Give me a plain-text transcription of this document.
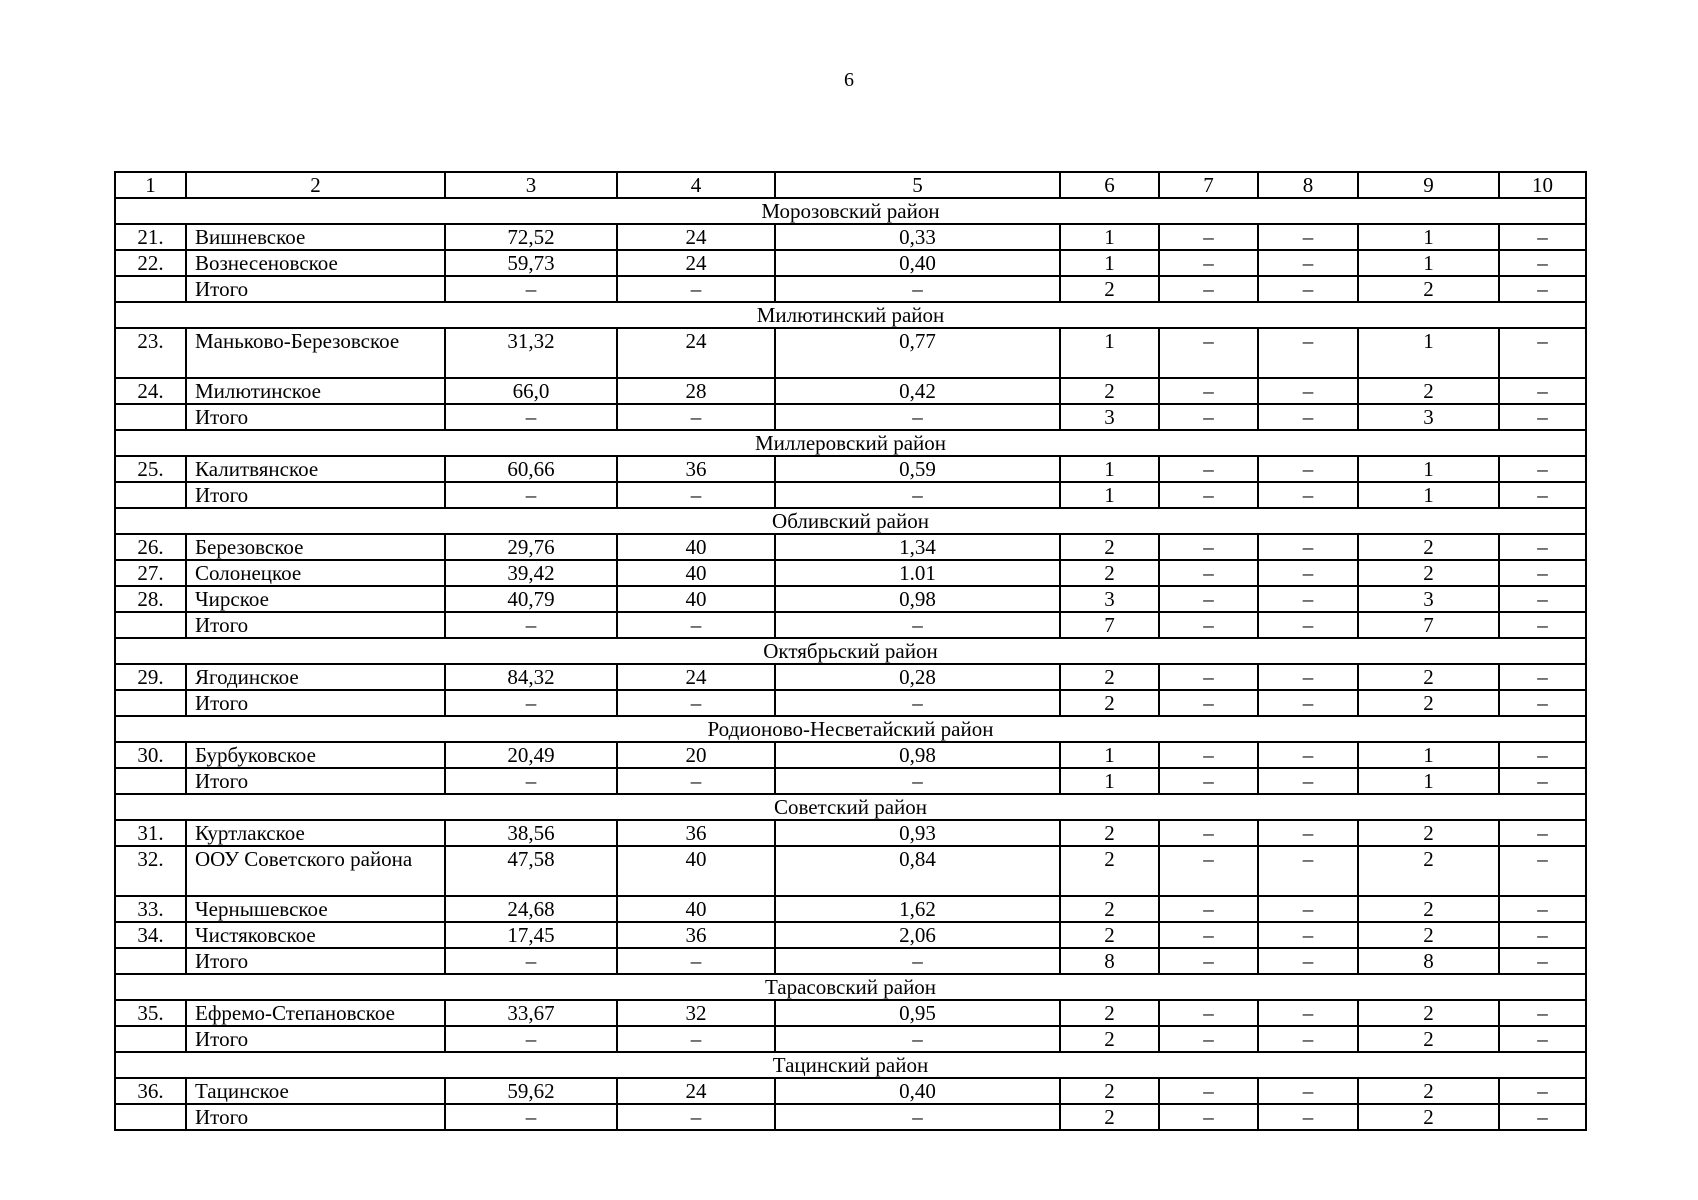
6
1	2	3	4	5	6	7	8	9	10
Морозовский район									
21.	Вишневское	72,52	24	0,33	1	–	–	1	–
22.	Вознесеновское	59,73	24	0,40	1	–	–	1	–
	Итого	–	–	–	2	–	–	2	–
Милютинский район									
23.	Маньково-Березовское	31,32	24	0,77	1	–	–	1	–
24.	Милютинское	66,0	28	0,42	2	–	–	2	–
	Итого	–	–	–	3	–	–	3	–
Миллеровский район									
25.	Калитвянское	60,66	36	0,59	1	–	–	1	–
	Итого	–	–	–	1	–	–	1	–
Обливский район									
26.	Березовское	29,76	40	1,34	2	–	–	2	–
27.	Солонецкое	39,42	40	1.01	2	–	–	2	–
28.	Чирское	40,79	40	0,98	3	–	–	3	–
	Итого	–	–	–	7	–	–	7	–
Октябрьский район									
29.	Ягодинское	84,32	24	0,28	2	–	–	2	–
	Итого	–	–	–	2	–	–	2	–
Родионово-Несветайский район									
30.	Бурбуковское	20,49	20	0,98	1	–	–	1	–
	Итого	–	–	–	1	–	–	1	–
Советский район									
31.	Куртлакское	38,56	36	0,93	2	–	–	2	–
32.	ООУ Советского района	47,58	40	0,84	2	–	–	2	–
33.	Чернышевское	24,68	40	1,62	2	–	–	2	–
34.	Чистяковское	17,45	36	2,06	2	–	–	2	–
	Итого	–	–	–	8	–	–	8	–
Тарасовский район									
35.	Ефремо-Степановское	33,67	32	0,95	2	–	–	2	–
	Итого	–	–	–	2	–	–	2	–
Тацинский район									
36.	Тацинское	59,62	24	0,40	2	–	–	2	–
	Итого	–	–	–	2	–	–	2	–
